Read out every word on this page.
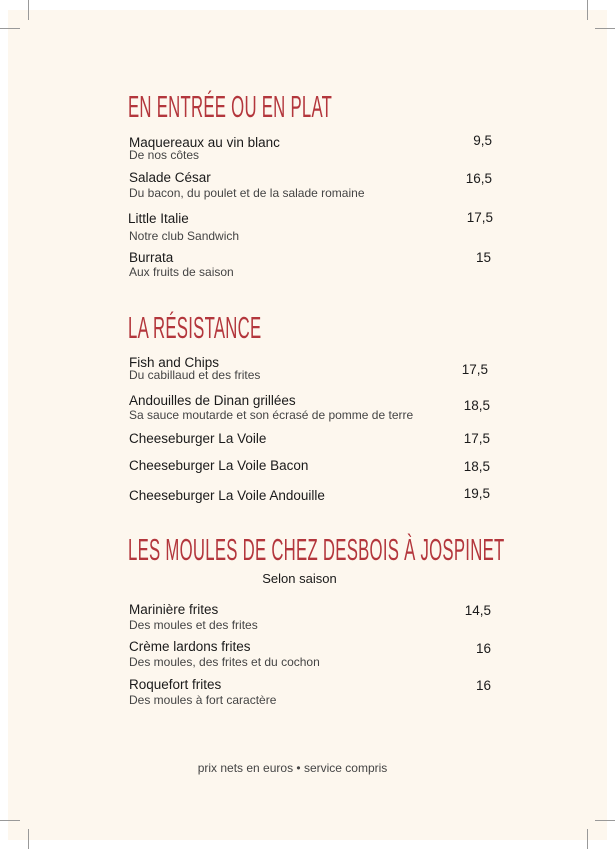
EN ENTRÉE OU EN PLAT
Maquereaux au vin blanc
De nos côtes
9,5
Salade César
Du bacon, du poulet et de la salade romaine
16,5
Little Italie
Notre club Sandwich
17,5
Burrata
Aux fruits de saison
15
LA RÉSISTANCE
Fish and Chips
Du cabillaud et des frites	17,5
Andouilles de Dinan grillées
Sa sauce moutarde et son écrasé de pomme de terre
18,5
Cheeseburger La Voile	17,5
Cheeseburger La Voile Bacon	18,5
Cheeseburger La Voile Andouille	19,5
LES MOULES DE CHEZ DESBOIS À JOSPINET
Selon saison
Marinière frites
Des moules et des frites
14,5
Crème lardons frites
Des moules, des frites et du cochon
16
Roquefort frites
Des moules à fort caractère
16
prix nets en euros • service compris
